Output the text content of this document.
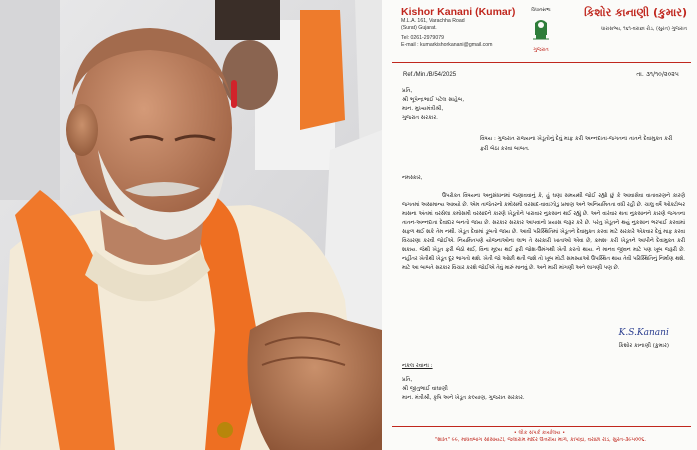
Kishor Kanani (Kumar)
M.L.A. 161, Varachha Road
(Surat) Gujarat.
Tel: 0261-2979079
E-mail : kumarkishorkanani@gmail.com
વિધાનસભા
ગુજરાત
કિશોર કાનાણી (કુમાર)
ધારાસભ્ય, ૧૬૧-વરાછા રોડ, (સુરત) ગુજરાત
Ref./Min./B/54/2025	તા. ૩૧/૧૦/૨૦૨૫
પ્રતિ,
શ્રી ભૂપેન્દ્રભાઈ પટેલ સાહેબ,
માન. મુખ્યમંત્રીશ્રી,
ગુજરાત સરકાર.
વિષય : ગુજરાત રાજ્યના ખેડૂતોનું દેવું માફ કરી અન્નદાતા-જગતના તાતને દેવામુક્ત કરી ફરી બેઠા કરવા બાબત.
નમસ્કાર,
ઉપરોક્ત વિષયના અનુસંધાનમાં જણાવવાનું કે, હું ઘણા સમયથી જોઈ રહ્યો છું કે આવાસેવા વાતાવરણને કારણે જગતમાં અસામાન્ય આવ્યો છે. એમ તાજેતરનો કમોસમી વરસાદ-વાવાઝોડુ પ્રમાણ અને અનિયમિતતા વધી રહી છે. ચાલુ વર્ષે ઓક્ટોબર માસના અંતમાં વરસેલા કમોસમી વરસાદને કારણે ખેડૂતોને પારાવાર નુકસાન થઈ રહ્યું છે. અને વારંવાર થતા નુકસાનને કારણે જગતના તાતન-અન્નદાતા દેવાદાર બનતો જાય છે. સરકાર સરકાર આપવાનો પ્રયાસ જરૂર કરે છે. પરંતુ ખેડૂતને થયું નુકસાન ભરપાઈ કરવામાં સફળ થઈ શકે તેમ નથી. ખેડૂત દેવામાં ડૂબતો જાય છે. આવી પરિસ્થિતિમાં ખેડૂતને દેવામુક્ત કરવા માટે સરકારે એકવાર દેવું માફ કરવા વિચારણા કરવી જોઈએ. નિયમિતપણે યોજનાઓના લાભ તે સરકારી ખાતાઓ એવા છે, ક્રમશઃ કરી ખેડૂતને આપીને દેવામુક્ત કરી શકાય. જેથી ખેડૂત ફરી બેઠો થઈ, વિના મૂલ્ય થઈ ફરી જોશ-ઉમંગથી ખેતી કરતો થાય. ને માનવ જીવન માટે પણ ખૂબ જરૂરી છે. નહીંતર ખેતીથી ખેડૂત દૂર ભાગતો થશે. ખેતી જો ઓછી થતી જશે તો ખૂબ મોટી સમસ્યાઓ ઉપસ્થિત થાય તેવી પરિસ્થિતિનું નિર્માણ થશે. માટે આ બાબતે સરકાર વિચાર કરશે જોઈએ તેવું મારું માનવું છે. અને મારી માંગણી અને લાગણી પણ છે.
K.S.Kanani
કિશોર કાનાણી (કુમાર)
નકલ રવાના :
પ્રતિ,
શ્રી જીતુભાઈ વાઘાણી
માન. મંત્રીશ્રી, કૃષિ અને ખેડૂત કલ્યાણ, ગુજરાત સરકાર.
• લોક સંપર્ક કાર્યાલય •
"શાંતિ" ૯૯, માધવબાગ સોસાયટી, જલારામ મંદિર ઉત્તરીય માર્ગ, કાપોદ્રા, વરાછા રોડ, સુરત-૩૯૫૦૦૬.
